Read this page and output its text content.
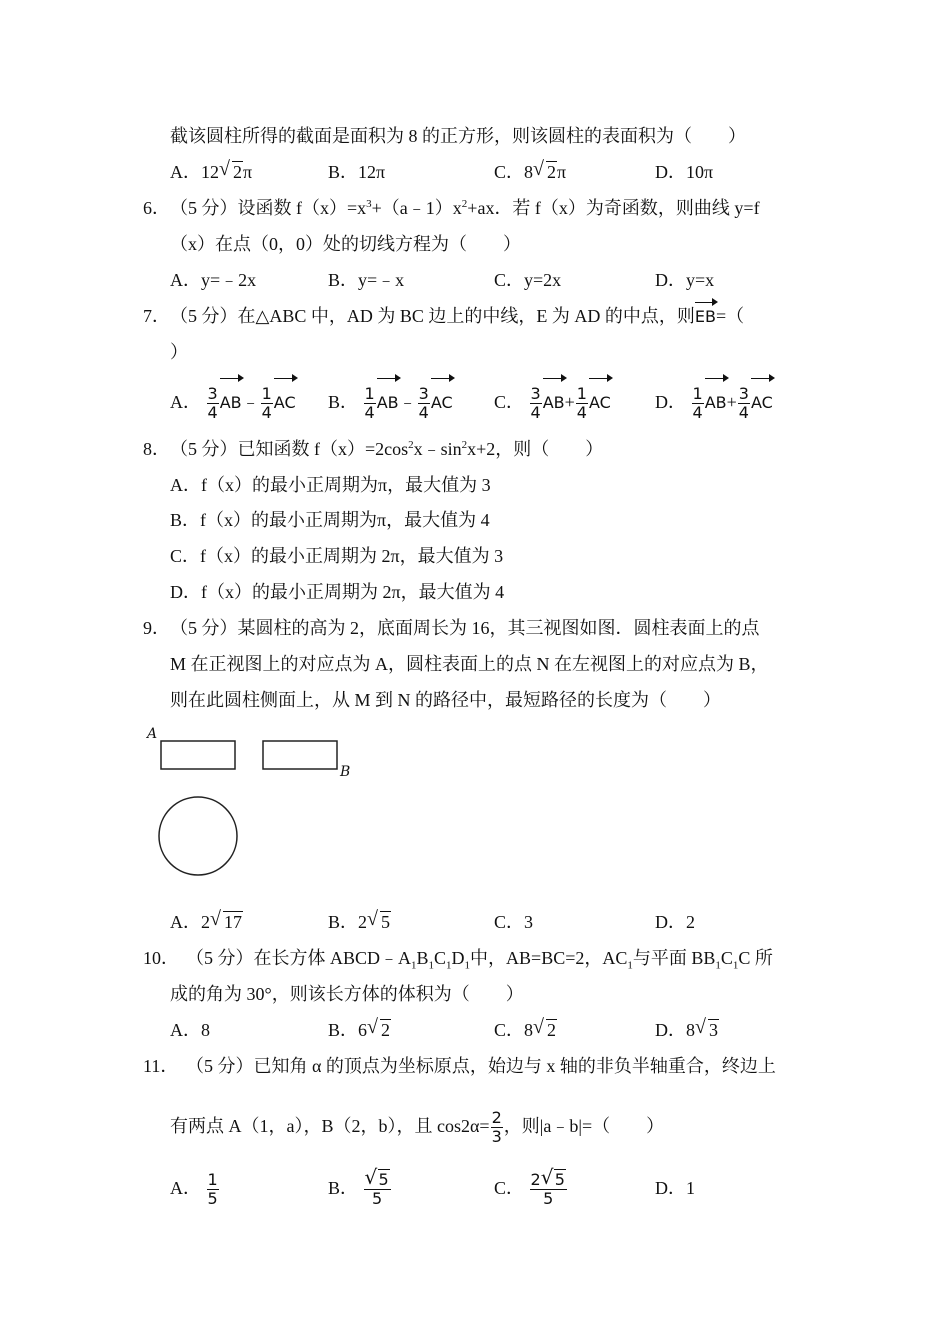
截该圆柱所得的截面是面积为 8 的正方形，则该圆柱的表面积为（　　）
A．12 √ 2π	B．12π	C．8 √ 2π	D．10π
6． （5 分）设函数 $f(x)=x^3+(a﹣1)x^2+ax$．若 f（x）为奇函数，则曲线 y=f
（x）在点（0，0）处的切线方程为（　　）
A．y=﹣2x	B．y=﹣x	C．y=2x	D．y=x
7． （5 分）在△ABC 中，AD 为 BC 边上的中线，E 为 AD 的中点，则EB=（
）
A． $\frac{3}{4}$ AB﹣ $\frac{1}{4}$ AC B． $\frac{1}{4}$ AB﹣ $\frac{3}{4}$ AC C． $\frac{3}{4} AB+ \frac{1}{4}$ AC D． $\frac{1}{4} AB+ \frac{3}{4}$ AC
8． （5 分）已知函数 $f(x)=2\cos^2x﹣\sin^2x+2$，则（　　）
A．f（x）的最小正周期为π，最大值为 3
B．f（x）的最小正周期为π，最大值为 4
C．f（x）的最小正周期为 2π，最大值为 3
D．f（x）的最小正周期为 2π，最大值为 4
9． （5 分）某圆柱的高为 2，底面周长为 16，其三视图如图．圆柱表面上的点
M 在正视图上的对应点为 A，圆柱表面上的点 N 在左视图上的对应点为 B，
则在此圆柱侧面上，从 M 到 N 的路径中，最短路径的长度为（　　）
A
B
A．2 √ 17	B．2 √ 5	C．3	D．2
10． （5 分）在长方体 $ABCD﹣A_1B_1C_1D_1$中，AB=BC=2，$AC_1$与平面 $BB_1C_1C$ 所
成的角为 30°，则该长方体的体积为（　　）
A．8	B．6 √ 2	C．8 √ 2	D．8 √ 3
11． （5 分）已知角 α 的顶点为坐标原点，始边与 x 轴的非负半轴重合，终边上
有两点 A（1，a），B（2，b），且 $\cos 2\alpha= \frac{2}{3}$ ，则|a﹣b|=（　　）
A． $\frac{1}{5}$	B． $\frac{√ 5}{5}$	C． $\frac{2 √ 5}{5}$	D．1
